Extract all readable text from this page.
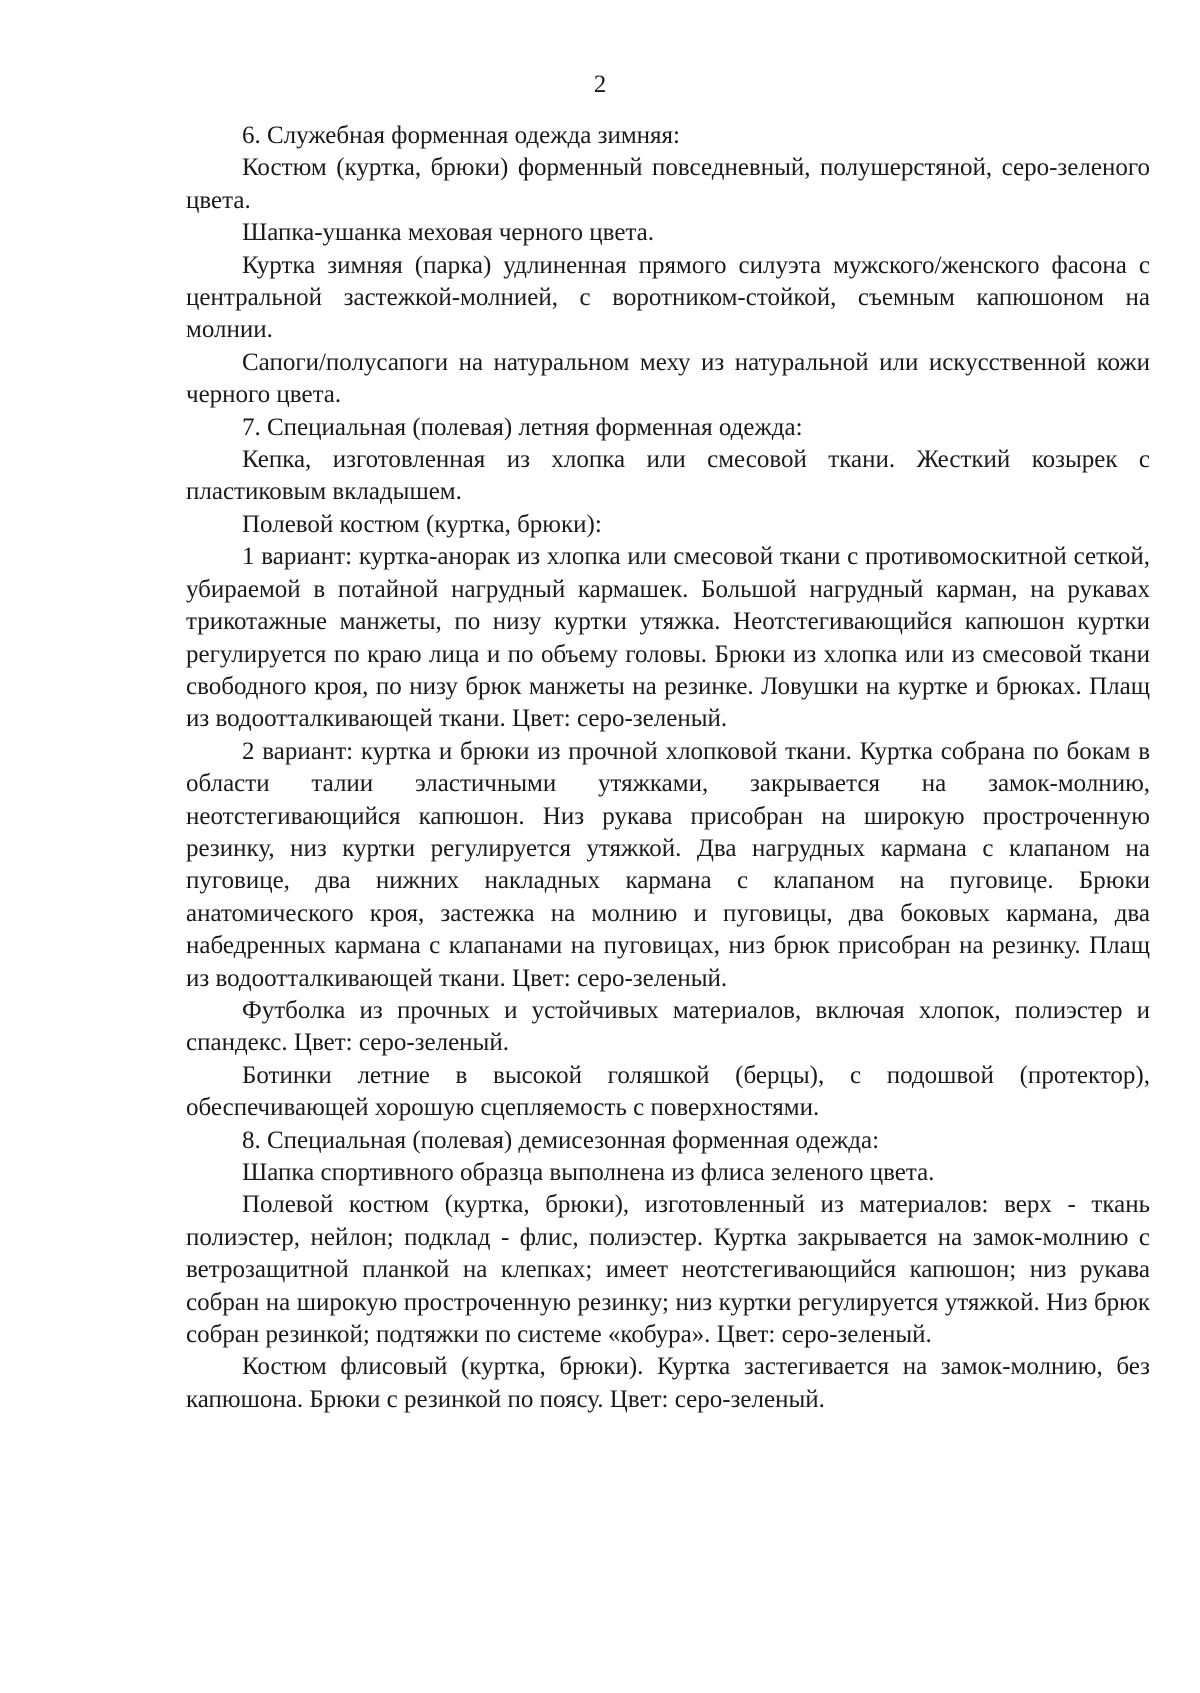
2

6. Служебная форменная одежда зимняя:

Костюм (куртка, брюки) форменный повседневный, полушерстяной, серо-зеленого цвета.

Шапка-ушанка меховая черного цвета.

Куртка зимняя (парка) удлиненная прямого силуэта мужского/женского фасона с центральной застежкой-молнией, с воротником-стойкой, съемным капюшоном на молнии.

Сапоги/полусапоги на натуральном меху из натуральной или искусственной кожи черного цвета.

7. Специальная (полевая) летняя форменная одежда:

Кепка, изготовленная из хлопка или смесовой ткани. Жесткий козырек с пластиковым вкладышем.

Полевой костюм (куртка, брюки):

1 вариант: куртка-анорак из хлопка или смесовой ткани с противомоскитной сеткой, убираемой в потайной нагрудный кармашек. Большой нагрудный карман, на рукавах трикотажные манжеты, по низу куртки утяжка. Неотстегивающийся капюшон куртки регулируется по краю лица и по объему головы. Брюки из хлопка или из смесовой ткани свободного кроя, по низу брюк манжеты на резинке. Ловушки на куртке и брюках. Плащ из водоотталкивающей ткани. Цвет: серо-зеленый.

2 вариант: куртка и брюки из прочной хлопковой ткани. Куртка собрана по бокам в области талии эластичными утяжками, закрывается на замок-молнию, неотстегивающийся капюшон. Низ рукава присобран на широкую простроченную резинку, низ куртки регулируется утяжкой. Два нагрудных кармана с клапаном на пуговице, два нижних накладных кармана с клапаном на пуговице. Брюки анатомического кроя, застежка на молнию и пуговицы, два боковых кармана, два набедренных кармана с клапанами на пуговицах, низ брюк присобран на резинку. Плащ из водоотталкивающей ткани. Цвет: серо-зеленый.

Футболка из прочных и устойчивых материалов, включая хлопок, полиэстер и спандекс. Цвет: серо-зеленый.

Ботинки летние в высокой голяшкой (берцы), с подошвой (протектор), обеспечивающей хорошую сцепляемость с поверхностями.

8. Специальная (полевая) демисезонная форменная одежда:

Шапка спортивного образца выполнена из флиса зеленого цвета.

Полевой костюм (куртка, брюки), изготовленный из материалов: верх - ткань полиэстер, нейлон; подклад - флис, полиэстер. Куртка закрывается на замок-молнию с ветрозащитной планкой на клепках; имеет неотстегивающийся капюшон; низ рукава собран на широкую простроченную резинку; низ куртки регулируется утяжкой. Низ брюк собран резинкой; подтяжки по системе «кобура». Цвет: серо-зеленый.

Костюм флисовый (куртка, брюки). Куртка застегивается на замок-молнию, без капюшона. Брюки с резинкой по поясу. Цвет: серо-зеленый.
